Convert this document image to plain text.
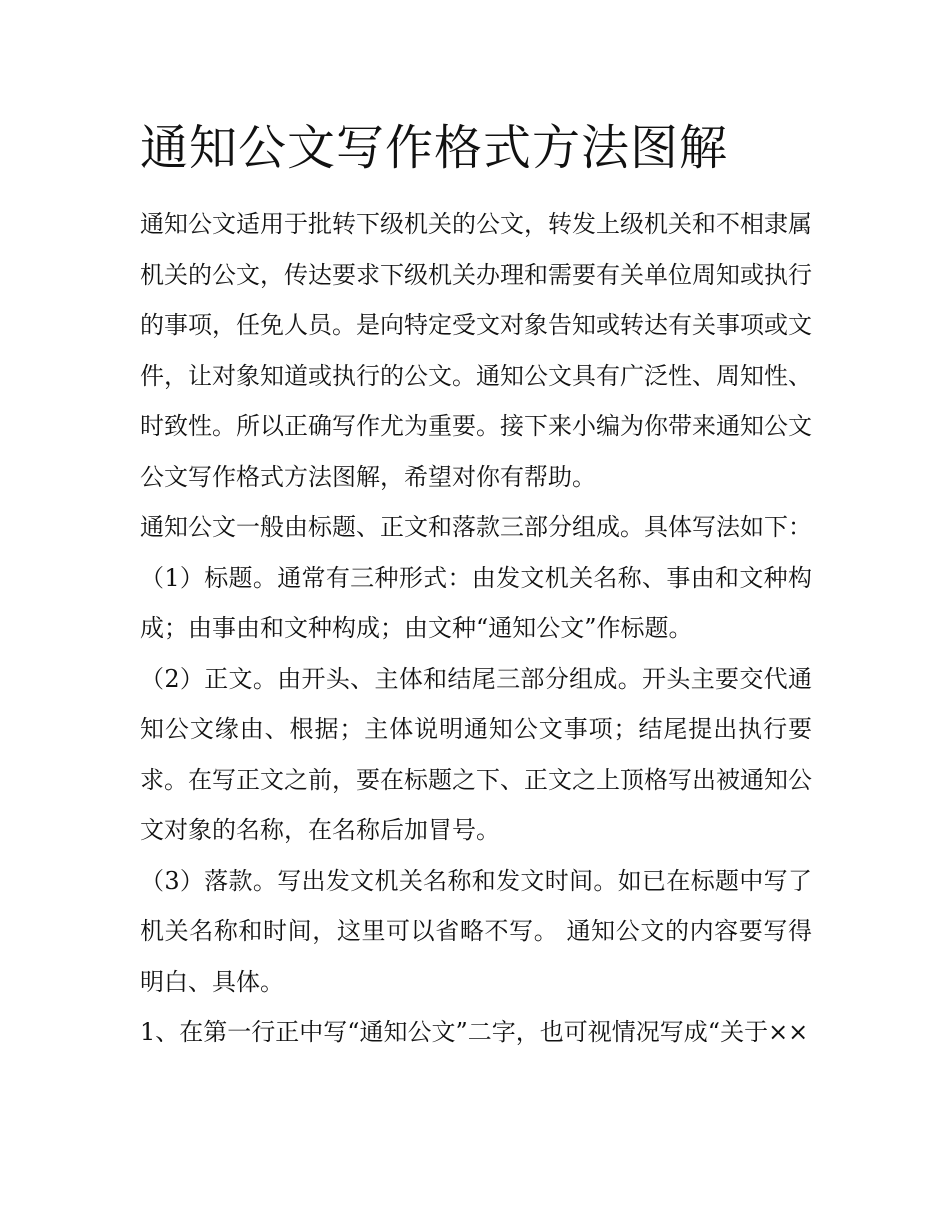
通知公文写作格式方法图解

通知公文适用于批转下级机关的公文，转发上级机关和不相隶属机关的公文，传达要求下级机关办理和需要有关单位周知或执行的事项，任免人员。是向特定受文对象告知或转达有关事项或文件，让对象知道或执行的公文。通知公文具有广泛性、周知性、时致性。所以正确写作尤为重要。接下来小编为你带来通知公文公文写作格式方法图解，希望对你有帮助。

通知公文一般由标题、正文和落款三部分组成。具体写法如下：

（1）标题。通常有三种形式：由发文机关名称、事由和文种构成；由事由和文种构成；由文种“通知公文”作标题。

（2）正文。由开头、主体和结尾三部分组成。开头主要交代通知公文缘由、根据；主体说明通知公文事项；结尾提出执行要求。在写正文之前，要在标题之下、正文之上顶格写出被通知公文对象的名称，在名称后加冒号。

（3）落款。写出发文机关名称和发文时间。如已在标题中写了机关名称和时间，这里可以省略不写。 通知公文的内容要写得明白、具体。

1、在第一行正中写“通知公文”二字，也可视情况写成“关于××
